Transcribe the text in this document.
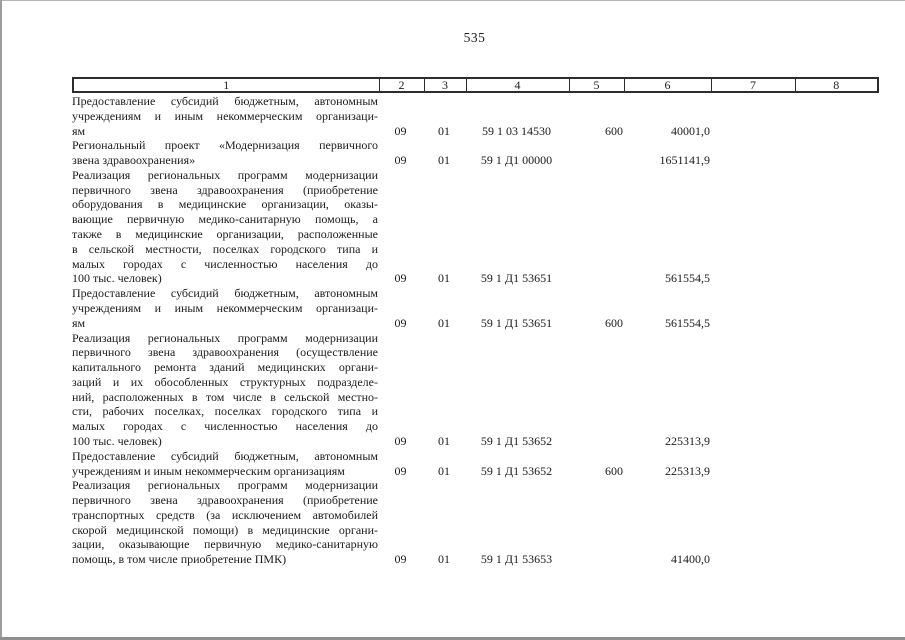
535
1	2	3	4	5	6	7	8
Предоставление субсидий бюджетным, автономным
учреждениям и иным некоммерческим организаци-
ям	09	01	59 1 03 14530	600	40001,0		

Региональный проект «Модернизация первичного
звена здравоохранения»	09	01	59 1 Д1 00000		1651141,9		

Реализация региональных программ модернизации
первичного звена здравоохранения (приобретение
оборудования в медицинские организации, оказы-
вающие первичную медико-санитарную помощь, а
также в медицинские организации, расположенные
в сельской местности, поселках городского типа и
малых городах с численностью населения до
100 тыс. человек)	09	01	59 1 Д1 53651		561554,5		

Предоставление субсидий бюджетным, автономным
учреждениям и иным некоммерческим организаци-
ям	09	01	59 1 Д1 53651	600	561554,5		

Реализация региональных программ модернизации
первичного звена здравоохранения (осуществление
капитального ремонта зданий медицинских органи-
заций и их обособленных структурных подразделе-
ний, расположенных в том числе в сельской местно-
сти, рабочих поселках, поселках городского типа и
малых городах с численностью населения до
100 тыс. человек)	09	01	59 1 Д1 53652		225313,9		

Предоставление субсидий бюджетным, автономным
учреждениям и иным некоммерческим организациям	09	01	59 1 Д1 53652	600	225313,9		

Реализация региональных программ модернизации
первичного звена здравоохранения (приобретение
транспортных средств (за исключением автомобилей
скорой медицинской помощи) в медицинские органи-
зации, оказывающие первичную медико-санитарную
помощь, в том числе приобретение ПМК)	09	01	59 1 Д1 53653		41400,0		
